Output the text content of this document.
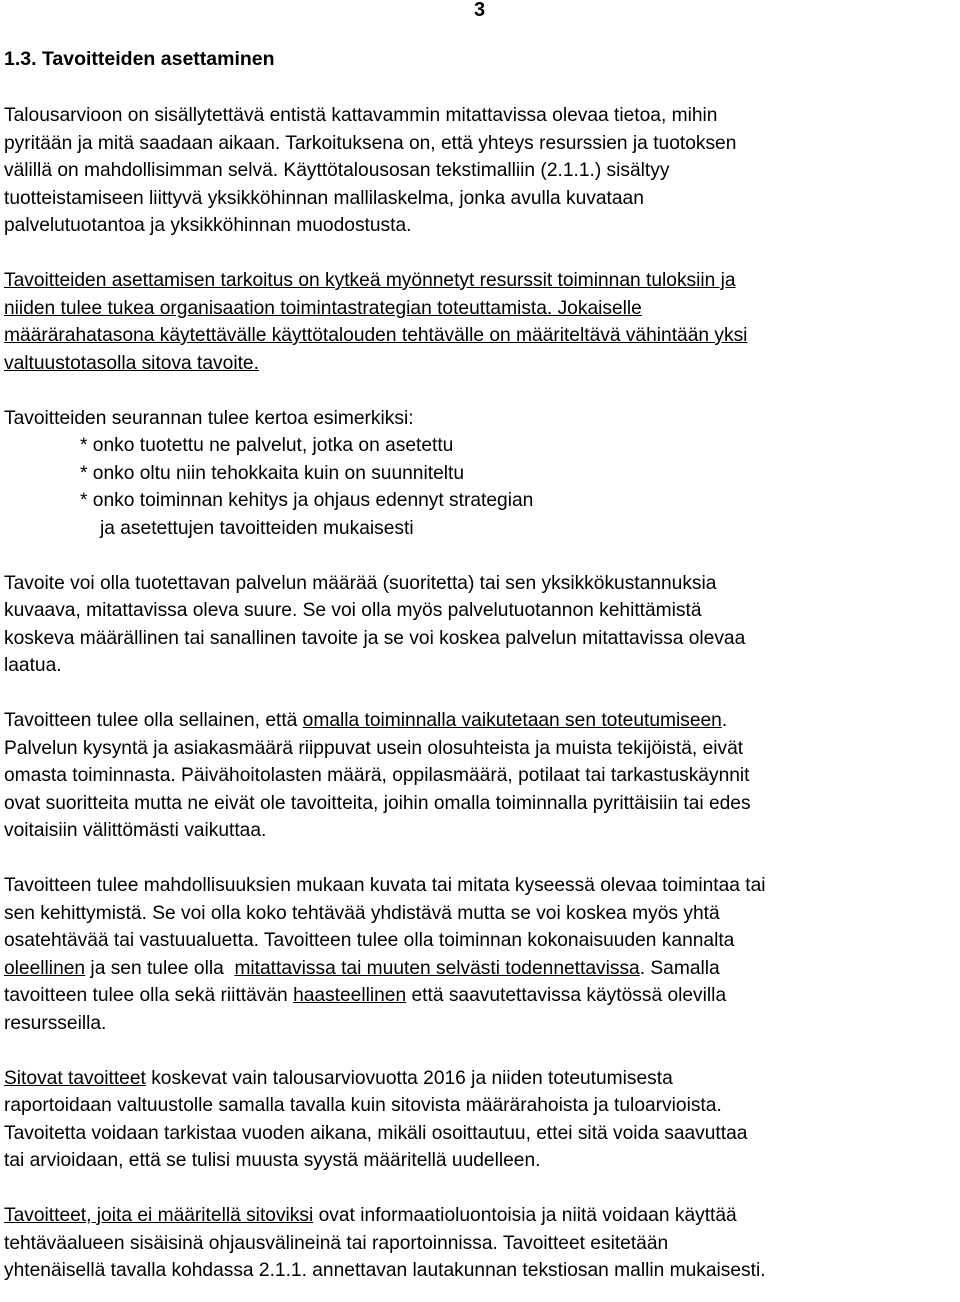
3
1.3. Tavoitteiden asettaminen

Talousarvioon on sisällytettävä entistä kattavammin mitattavissa olevaa tietoa, mihin
pyritään ja mitä saadaan aikaan. Tarkoituksena on, että yhteys resurssien ja tuotoksen
välillä on mahdollisimman selvä. Käyttötalousosan tekstimalliin (2.1.1.) sisältyy
tuotteistamiseen liittyvä yksikköhinnan mallilaskelma, jonka avulla kuvataan
palvelutuotantoa ja yksikköhinnan muodostusta.

Tavoitteiden asettamisen tarkoitus on kytkeä myönnetyt resurssit toiminnan tuloksiin ja
niiden tulee tukea organisaation toimintastrategian toteuttamista. Jokaiselle
määrärahatasona käytettävälle käyttötalouden tehtävälle on määriteltävä vähintään yksi
valtuustotasolla sitova tavoite.

Tavoitteiden seurannan tulee kertoa esimerkiksi:

* onko tuotettu ne palvelut, jotka on asetettu
* onko oltu niin tehokkaita kuin on suunniteltu
* onko toiminnan kehitys ja ohjaus edennyt strategian
ja asetettujen tavoitteiden mukaisesti

Tavoite voi olla tuotettavan palvelun määrää (suoritetta) tai sen yksikkökustannuksia
kuvaava, mitattavissa oleva suure. Se voi olla myös palvelutuotannon kehittämistä
koskeva määrällinen tai sanallinen tavoite ja se voi koskea palvelun mitattavissa olevaa
laatua.

Tavoitteen tulee olla sellainen, että omalla toiminnalla vaikutetaan sen toteutumiseen.
Palvelun kysyntä ja asiakasmäärä riippuvat usein olosuhteista ja muista tekijöistä, eivät
omasta toiminnasta. Päivähoitolasten määrä, oppilasmäärä, potilaat tai tarkastuskäynnit
ovat suoritteita mutta ne eivät ole tavoitteita, joihin omalla toiminnalla pyrittäisiin tai edes
voitaisiin välittömästi vaikuttaa.

Tavoitteen tulee mahdollisuuksien mukaan kuvata tai mitata kyseessä olevaa toimintaa tai
sen kehittymistä. Se voi olla koko tehtävää yhdistävä mutta se voi koskea myös yhtä
osatehtävää tai vastuualuetta. Tavoitteen tulee olla toiminnan kokonaisuuden kannalta
oleellinen ja sen tulee olla  mitattavissa tai muuten selvästi todennettavissa. Samalla
tavoitteen tulee olla sekä riittävän haasteellinen että saavutettavissa käytössä olevilla
resursseilla.

Sitovat tavoitteet koskevat vain talousarviovuotta 2016 ja niiden toteutumisesta
raportoidaan valtuustolle samalla tavalla kuin sitovista määrärahoista ja tuloarvioista.
Tavoitetta voidaan tarkistaa vuoden aikana, mikäli osoittautuu, ettei sitä voida saavuttaa
tai arvioidaan, että se tulisi muusta syystä määritellä uudelleen.

Tavoitteet, joita ei määritellä sitoviksi ovat informaatioluontoisia ja niitä voidaan käyttää
tehtäväalueen sisäisinä ohjausvälineinä tai raportoinnissa. Tavoitteet esitetään
yhtenäisellä tavalla kohdassa 2.1.1. annettavan lautakunnan tekstiosan mallin mukaisesti.
